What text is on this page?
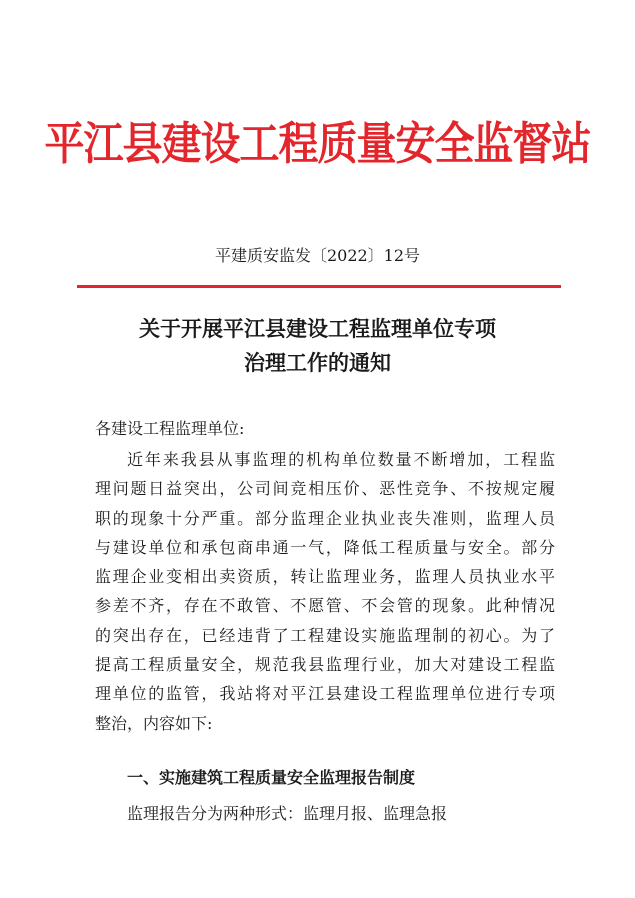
平江县建设工程质量安全监督站
平建质安监发〔2022〕12号
关于开展平江县建设工程监理单位专项
治理工作的通知
各建设工程监理单位:
近年来我县从事监理的机构单位数量不断增加，工程监
理问题日益突出，公司间竞相压价、恶性竞争、不按规定履
职的现象十分严重。部分监理企业执业丧失准则，监理人员
与建设单位和承包商串通一气，降低工程质量与安全。部分
监理企业变相出卖资质，转让监理业务，监理人员执业水平
参差不齐，存在不敢管、不愿管、不会管的现象。此种情况
的突出存在，已经违背了工程建设实施监理制的初心。为了
提高工程质量安全，规范我县监理行业，加大对建设工程监
理单位的监管，我站将对平江县建设工程监理单位进行专项
整治，内容如下:
一、实施建筑工程质量安全监理报告制度
监理报告分为两种形式：监理月报、监理急报
